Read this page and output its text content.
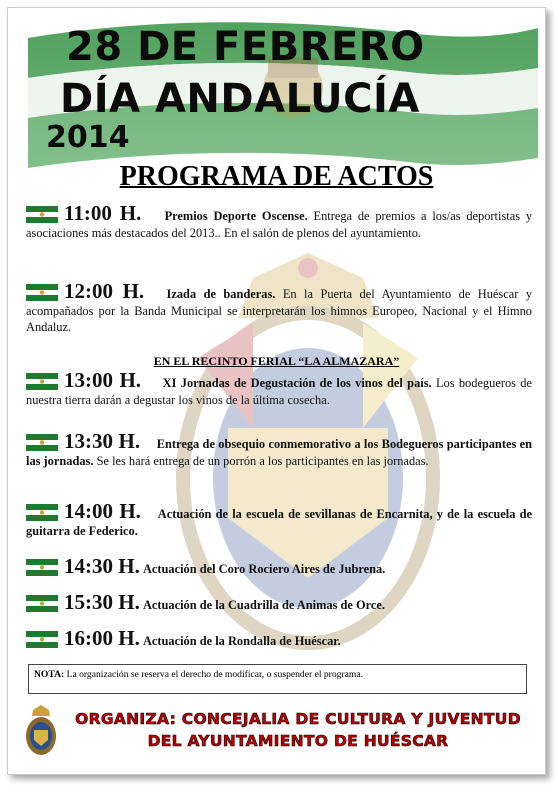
28 DE FEBRERO
DÍA ANDALUCÍA
2014
PROGRAMA DE ACTOS
11:00 H. Premios Deporte Oscense. Entrega de premios a los/as deportistas y asociaciones más destacados del 2013.. En el salón de plenos del ayuntamiento.
12:00 H. Izada de banderas. En la Puerta del Ayuntamiento de Huéscar y acompañados por la Banda Municipal se interpretarán los himnos Europeo, Nacional y el Himno Andaluz.
EN EL RECINTO FERIAL “LA ALMAZARA”
13:00 H. XI Jornadas de Degustación de los vinos del país. Los bodegueros de nuestra tierra darán a degustar los vinos de la última cosecha.
13:30 H. Entrega de obsequio conmemorativo a los Bodegueros participantes en las jornadas. Se les hará entrega de un porrón a los participantes en las jornadas.
14:00 H. Actuación de la escuela de sevillanas de Encarnita, y de la escuela de guitarra de Federico.
14:30 H. Actuación del Coro Rociero Aires de Jubrena.
15:30 H. Actuación de la Cuadrilla de Animas de Orce.
16:00 H. Actuación de la Rondalla de Huéscar.
NOTA: La organización se reserva el derecho de modificar, o suspender el programa.
ORGANIZA: CONCEJALIA DE CULTURA Y JUVENTUD
DEL AYUNTAMIENTO DE HUÉSCAR
